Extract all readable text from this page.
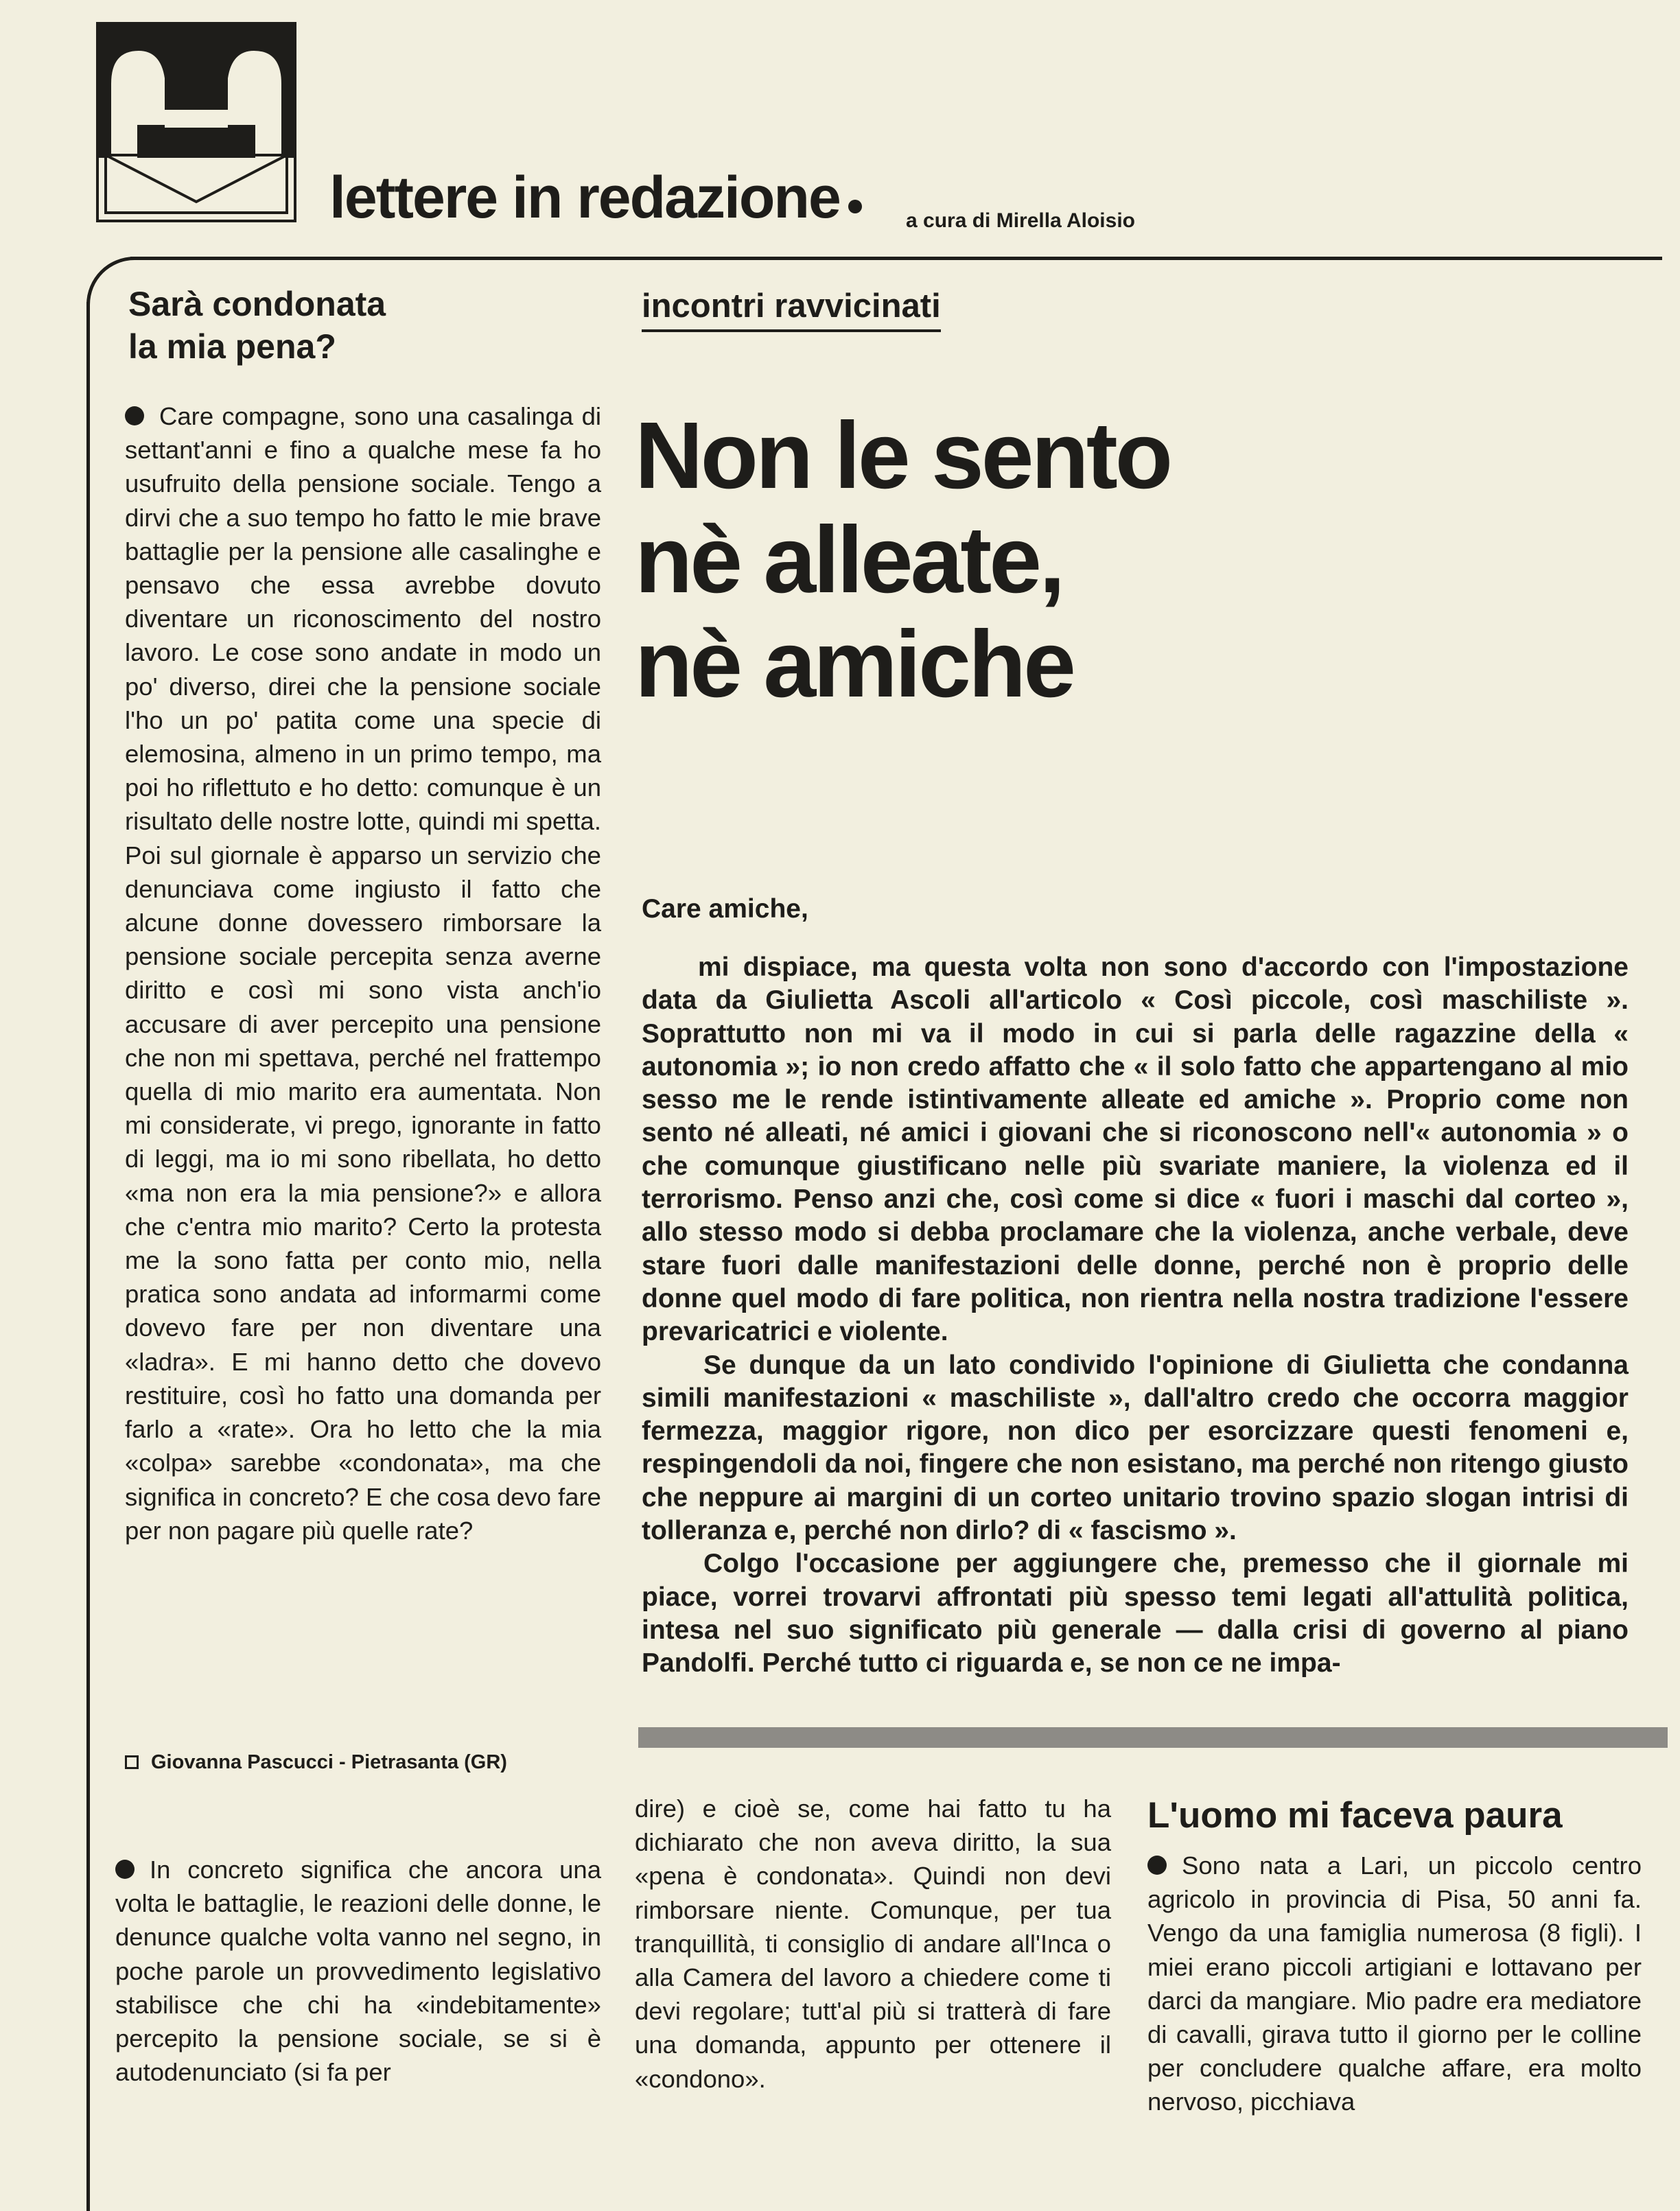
lettere in redazione	a cura di Mirella Aloisio
Sarà condonata
la mia pena?
Care compagne, sono una casalinga di settant'anni e fino a qualche mese fa ho usufruito della pensione sociale. Tengo a dirvi che a suo tempo ho fatto le mie brave battaglie per la pensione alle casalinghe e pensavo che essa avrebbe dovuto diventare un riconoscimento del nostro lavoro. Le cose sono andate in modo un po' diverso, direi che la pensione sociale l'ho un po' patita come una specie di elemosina, almeno in un primo tempo, ma poi ho riflettuto e ho detto: comunque è un risultato delle nostre lotte, quindi mi spetta. Poi sul giornale è apparso un servizio che denunciava come ingiusto il fatto che alcune donne dovessero rimborsare la pensione sociale percepita senza averne diritto e così mi sono vista anch'io accusare di aver percepito una pensione che non mi spettava, perché nel frattempo quella di mio marito era aumentata. Non mi considerate, vi prego, ignorante in fatto di leggi, ma io mi sono ribellata, ho detto «ma non era la mia pensione?» e allora che c'entra mio marito? Certo la protesta me la sono fatta per conto mio, nella pratica sono andata ad informarmi come dovevo fare per non diventare una «ladra». E mi hanno detto che dovevo restituire, così ho fatto una domanda per farlo a «rate». Ora ho letto che la mia «colpa» sarebbe «condonata», ma che significa in concreto? E che cosa devo fare per non pagare più quelle rate?
Giovanna Pascucci - Pietrasanta (GR)
In concreto significa che ancora una volta le battaglie, le reazioni delle donne, le denunce qualche volta vanno nel segno, in poche parole un provvedimento legislativo stabilisce che chi ha «indebitamente» percepito la pensione sociale, se si è autodenunciato (si fa per
incontri ravvicinati
Non le sento
nè alleate,
nè amiche
Care amiche,

mi dispiace, ma questa volta non sono d'accordo con l'impostazione data da Giulietta Ascoli all'articolo « Così piccole, così maschiliste ». Soprattutto non mi va il modo in cui si parla delle ragazzine della « autonomia »; io non credo affatto che « il solo fatto che appartengano al mio sesso me le rende istintivamente alleate ed amiche ». Proprio come non sento né alleati, né amici i giovani che si riconoscono nell'« autonomia » o che comunque giustificano nelle più svariate maniere, la violenza ed il terrorismo. Penso anzi che, così come si dice « fuori i maschi dal corteo », allo stesso modo si debba proclamare che la violenza, anche verbale, deve stare fuori dalle manifestazioni delle donne, perché non è proprio delle donne quel modo di fare politica, non rientra nella nostra tradizione l'essere prevaricatrici e violente.

Se dunque da un lato condivido l'opinione di Giulietta che condanna simili manifestazioni « maschiliste », dall'altro credo che occorra maggior fermezza, maggior rigore, non dico per esorcizzare questi fenomeni e, respingendoli da noi, fingere che non esistano, ma perché non ritengo giusto che neppure ai margini di un corteo unitario trovino spazio slogan intrisi di tolleranza e, perché non dirlo? di « fascismo ».

Colgo l'occasione per aggiungere che, premesso che il giornale mi piace, vorrei trovarvi affrontati più spesso temi legati all'attulità politica, intesa nel suo significato più generale — dalla crisi di governo al piano Pandolfi. Perché tutto ci riguarda e, se non ce ne impa-

dire) e cioè se, come hai fatto tu ha dichiarato che non aveva diritto, la sua «pena è condonata». Quindi non devi rimborsare niente. Comunque, per tua tranquillità, ti consiglio di andare all'Inca o alla Camera del lavoro a chiedere come ti devi regolare; tutt'al più si tratterà di fare una domanda, appunto per ottenere il «condono».
L'uomo mi faceva paura
Sono nata a Lari, un piccolo centro agricolo in provincia di Pisa, 50 anni fa. Vengo da una famiglia numerosa (8 figli). I miei erano piccoli artigiani e lottavano per darci da mangiare. Mio padre era mediatore di cavalli, girava tutto il giorno per le colline per concludere qualche affare, era molto nervoso, picchiava
